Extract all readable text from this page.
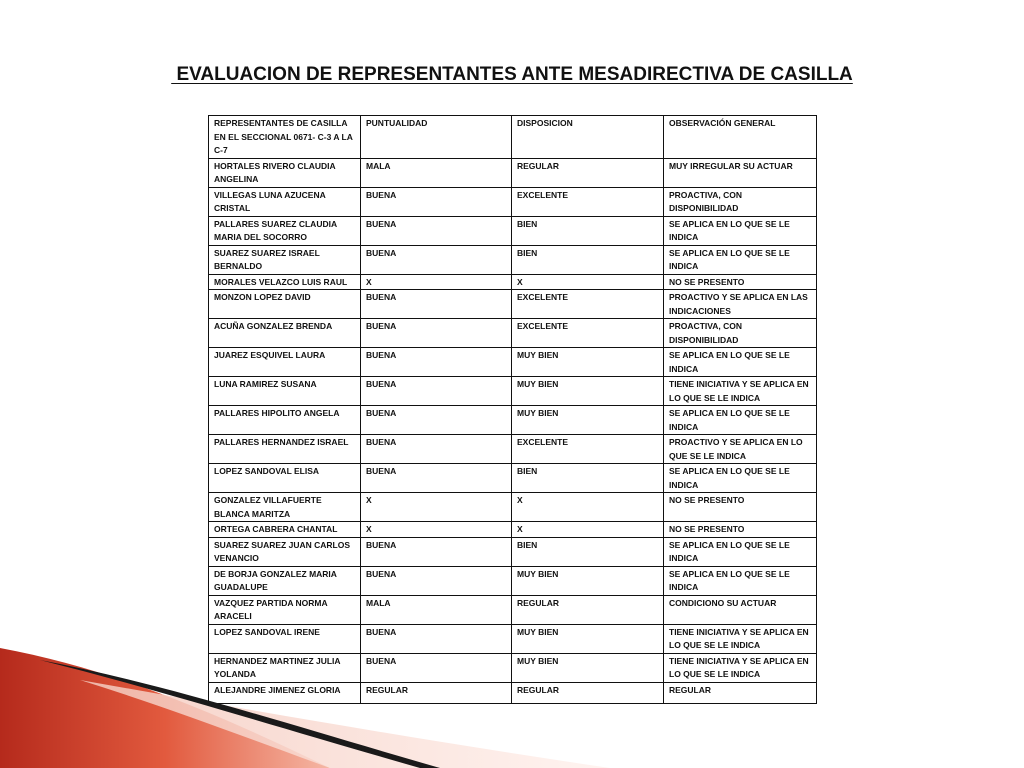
EVALUACION DE REPRESENTANTES ANTE MESADIRECTIVA DE CASILLA
REPRESENTANTES DE CASILLA EN EL SECCIONAL 0671- C-3 A LA C-7	PUNTUALIDAD	DISPOSICION	OBSERVACIÓN GENERAL
HORTALES RIVERO CLAUDIA ANGELINA	MALA	REGULAR	MUY IRREGULAR SU ACTUAR
VILLEGAS LUNA AZUCENA CRISTAL	BUENA	EXCELENTE	PROACTIVA, CON DISPONIBILIDAD
PALLARES SUAREZ CLAUDIA MARIA DEL SOCORRO	BUENA	BIEN	SE APLICA EN LO QUE SE LE INDICA
SUAREZ SUAREZ ISRAEL BERNALDO	BUENA	BIEN	SE APLICA EN LO QUE SE LE INDICA
MORALES VELAZCO LUIS RAUL	X	X	NO SE PRESENTO
MONZON LOPEZ DAVID	BUENA	EXCELENTE	PROACTIVO Y SE APLICA EN LAS INDICACIONES
ACUÑA GONZALEZ BRENDA	BUENA	EXCELENTE	PROACTIVA, CON DISPONIBILIDAD
JUAREZ ESQUIVEL LAURA	BUENA	MUY BIEN	SE APLICA EN LO QUE SE LE INDICA
LUNA RAMIREZ SUSANA	BUENA	MUY BIEN	TIENE INICIATIVA Y SE APLICA EN LO QUE SE LE INDICA
PALLARES HIPOLITO ANGELA	BUENA	MUY BIEN	SE APLICA EN LO QUE SE LE INDICA
PALLARES HERNANDEZ ISRAEL	BUENA	EXCELENTE	PROACTIVO Y SE APLICA EN LO QUE SE LE INDICA
LOPEZ SANDOVAL ELISA	BUENA	BIEN	SE APLICA EN LO QUE SE LE INDICA
GONZALEZ VILLAFUERTE BLANCA MARITZA	X	X	NO SE PRESENTO
ORTEGA CABRERA CHANTAL	X	X	NO SE PRESENTO
SUAREZ SUAREZ JUAN CARLOS VENANCIO	BUENA	BIEN	SE APLICA EN LO QUE SE LE INDICA
DE BORJA GONZALEZ MARIA GUADALUPE	BUENA	MUY BIEN	SE APLICA EN LO QUE SE LE INDICA
VAZQUEZ PARTIDA NORMA ARACELI	MALA	REGULAR	CONDICIONO SU ACTUAR
LOPEZ SANDOVAL IRENE	BUENA	MUY BIEN	TIENE INICIATIVA Y SE APLICA EN LO QUE SE LE INDICA
HERNANDEZ MARTINEZ JULIA YOLANDA	BUENA	MUY BIEN	TIENE INICIATIVA Y SE APLICA EN LO QUE SE LE INDICA
ALEJANDRE JIMENEZ GLORIA	REGULAR	REGULAR	REGULAR
